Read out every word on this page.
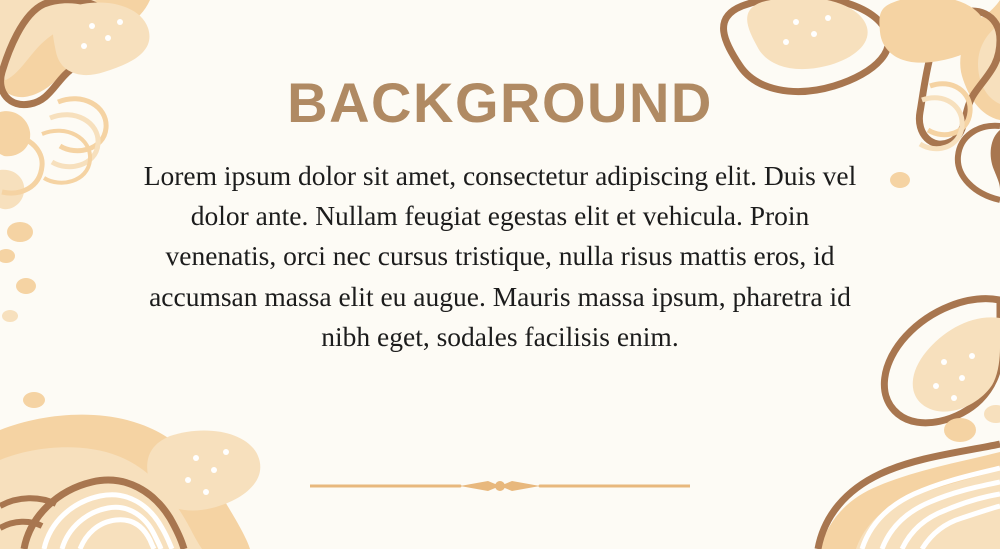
BACKGROUND
Lorem ipsum dolor sit amet, consectetur adipiscing elit. Duis vel dolor ante. Nullam feugiat egestas elit et vehicula. Proin venenatis, orci nec cursus tristique, nulla risus mattis eros, id accumsan massa elit eu augue. Mauris massa ipsum, pharetra id nibh eget, sodales facilisis enim.
